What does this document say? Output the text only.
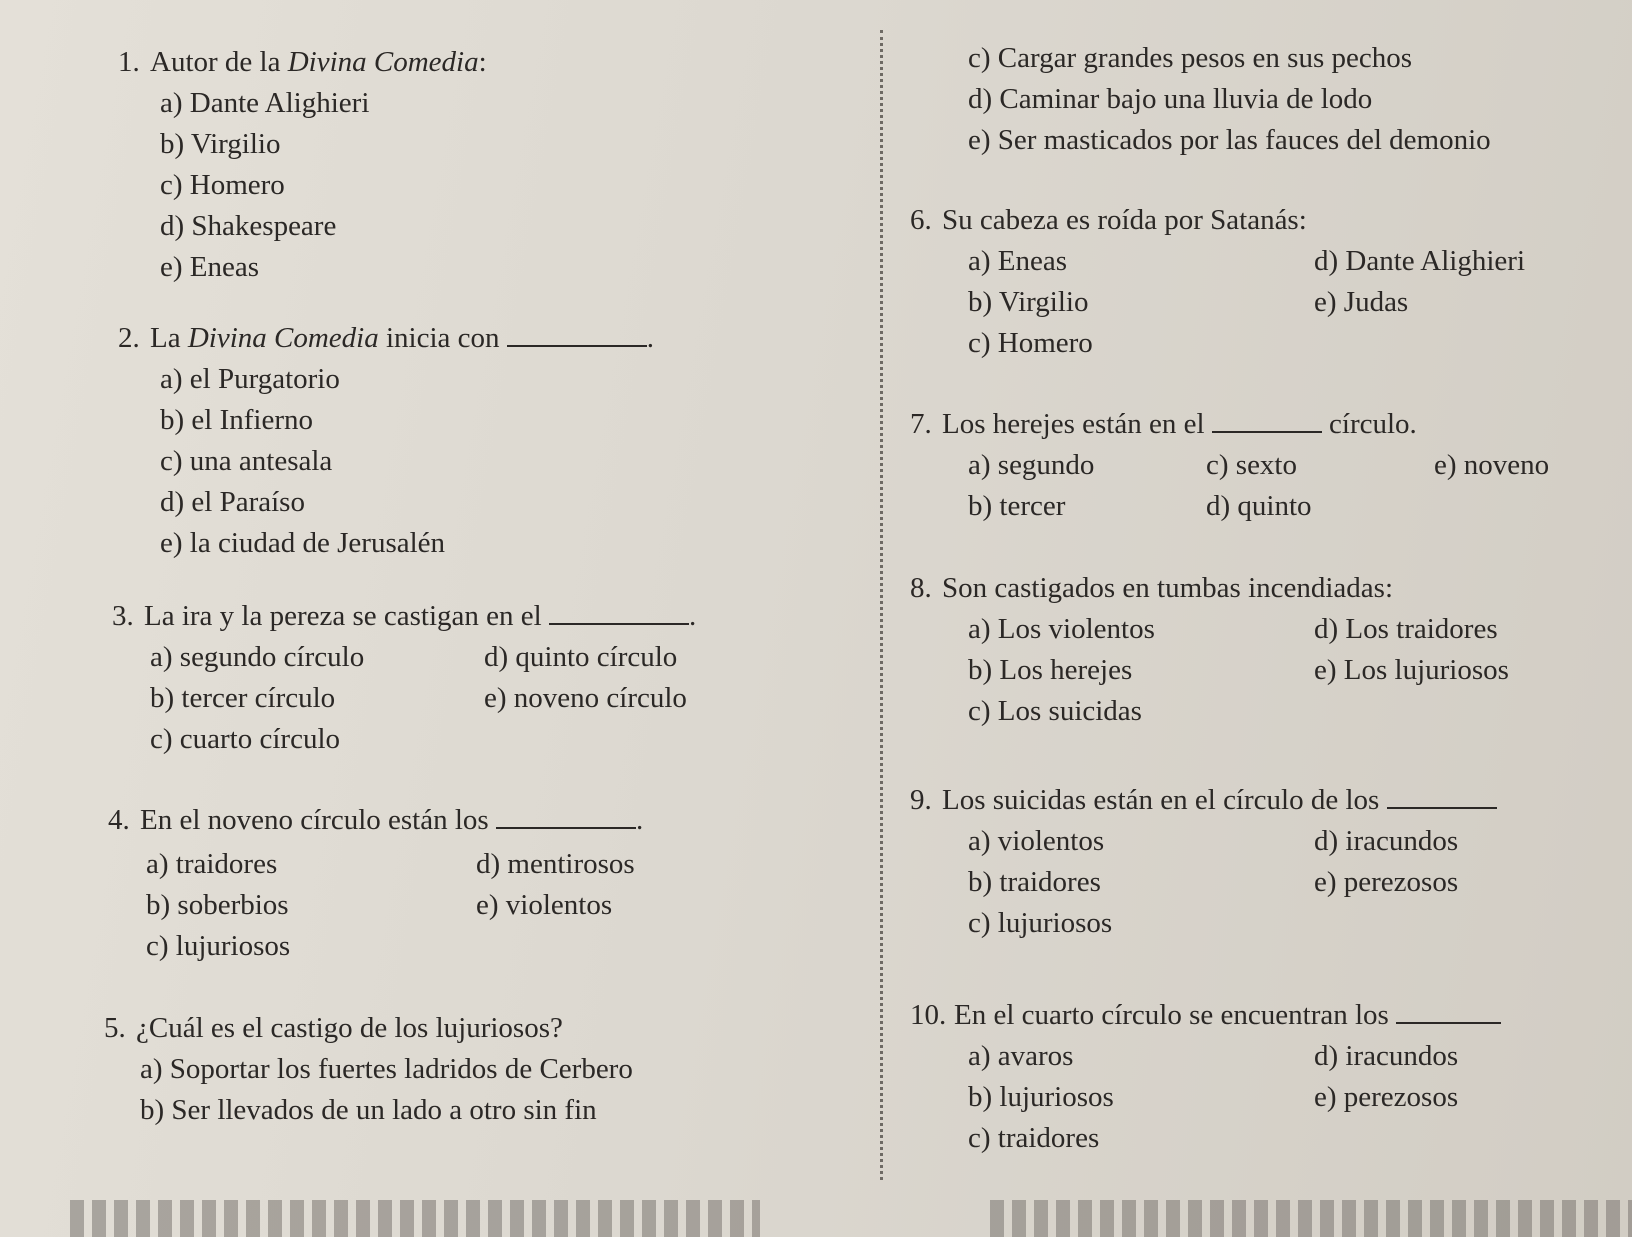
1. Autor de la Divina Comedia:
a) Dante Alighieri
b) Virgilio
c) Homero
d) Shakespeare
e) Eneas
2. La Divina Comedia inicia con	.
a) el Purgatorio
b) el Infierno
c) una antesala
d) el Paraíso
e) la ciudad de Jerusalén
3. La ira y la pereza se castigan en el	.
a) segundo círculo	d) quinto círculo
b) tercer círculo	e) noveno círculo
c) cuarto círculo
4. En el noveno círculo están los	.
a) traidores	d) mentirosos
b) soberbios	e) violentos
c) lujuriosos
5. ¿Cuál es el castigo de los lujuriosos?
a) Soportar los fuertes ladridos de Cerbero
b) Ser llevados de un lado a otro sin fin
c) Cargar grandes pesos en sus pechos
d) Caminar bajo una lluvia de lodo
e) Ser masticados por las fauces del demonio
6. Su cabeza es roída por Satanás:
a) Eneas	d) Dante Alighieri
b) Virgilio	e) Judas
c) Homero
7. Los herejes están en el	círculo.
a) segundo	c) sexto	e) noveno
b) tercer	d) quinto
8. Son castigados en tumbas incendiadas:
a) Los violentos	d) Los traidores
b) Los herejes	e) Los lujuriosos
c) Los suicidas
9. Los suicidas están en el círculo de los
a) violentos	d) iracundos
b) traidores	e) perezosos
c) lujuriosos
10. En el cuarto círculo se encuentran los
a) avaros	d) iracundos
b) lujuriosos	e) perezosos
c) traidores
